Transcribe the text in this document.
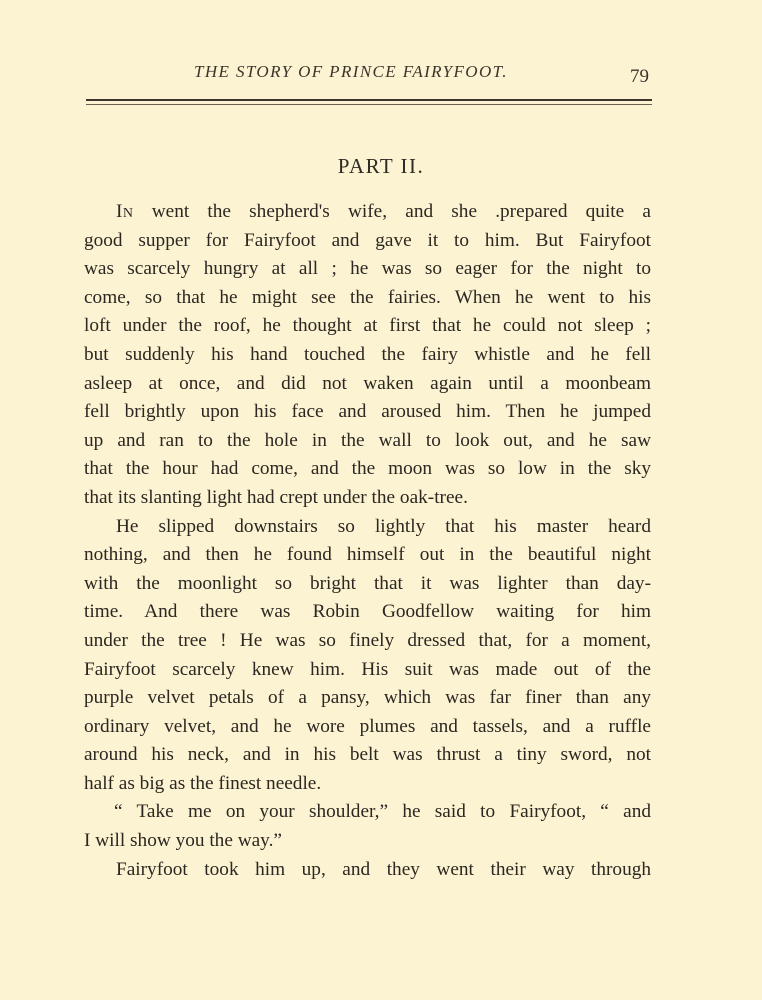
THE STORY OF PRINCE FAIRYFOOT.	79
PART II.
In went the shepherd's wife, and she .prepared quite a
good supper for Fairyfoot and gave it to him. But Fairyfoot
was scarcely hungry at all ; he was so eager for the night to
come, so that he might see the fairies. When he went to his
loft under the roof, he thought at first that he could not sleep ;
but suddenly his hand touched the fairy whistle and he fell
asleep at once, and did not waken again until a moonbeam
fell brightly upon his face and aroused him. Then he jumped
up and ran to the hole in the wall to look out, and he saw
that the hour had come, and the moon was so low in the sky
that its slanting light had crept under the oak-tree.
He slipped downstairs so lightly that his master heard
nothing, and then he found himself out in the beautiful night
with the moonlight so bright that it was lighter than day-
time. And there was Robin Goodfellow waiting for him
under the tree ! He was so finely dressed that, for a moment,
Fairyfoot scarcely knew him. His suit was made out of the
purple velvet petals of a pansy, which was far finer than any
ordinary velvet, and he wore plumes and tassels, and a ruffle
around his neck, and in his belt was thrust a tiny sword, not
half as big as the finest needle.
“ Take me on your shoulder,” he said to Fairyfoot, “ and
I will show you the way.”
Fairyfoot took him up, and they went their way through
